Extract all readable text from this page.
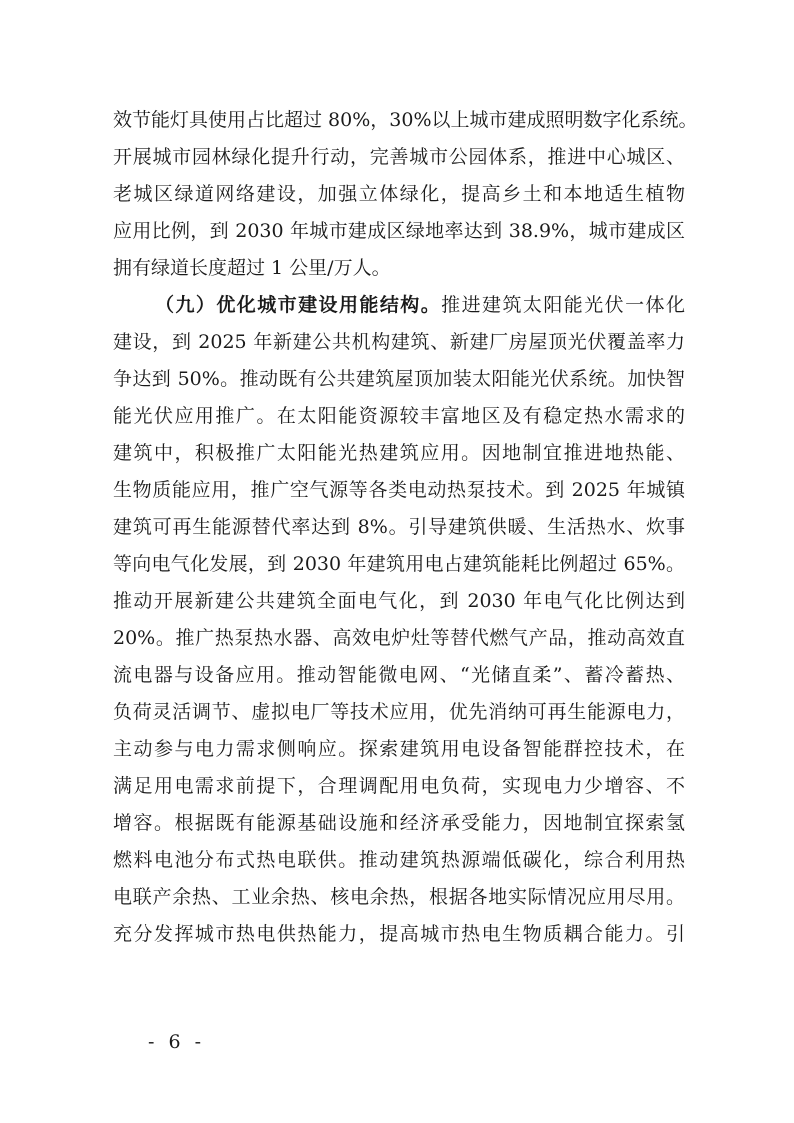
效节能灯具使用占比超过 80%，30%以上城市建成照明数字化系统。
开展城市园林绿化提升行动，完善城市公园体系，推进中心城区、
老城区绿道网络建设，加强立体绿化，提高乡土和本地适生植物
应用比例，到 2030 年城市建成区绿地率达到 38.9%，城市建成区
拥有绿道长度超过 1 公里/万人。
（九）优化城市建设用能结构。推进建筑太阳能光伏一体化
建设，到 2025 年新建公共机构建筑、新建厂房屋顶光伏覆盖率力
争达到 50%。推动既有公共建筑屋顶加装太阳能光伏系统。加快智
能光伏应用推广。在太阳能资源较丰富地区及有稳定热水需求的
建筑中，积极推广太阳能光热建筑应用。因地制宜推进地热能、
生物质能应用，推广空气源等各类电动热泵技术。到 2025 年城镇
建筑可再生能源替代率达到 8%。引导建筑供暖、生活热水、炊事
等向电气化发展，到 2030 年建筑用电占建筑能耗比例超过 65%。
推动开展新建公共建筑全面电气化，到 2030 年电气化比例达到
20%。推广热泵热水器、高效电炉灶等替代燃气产品，推动高效直
流电器与设备应用。推动智能微电网、“光储直柔”、蓄冷蓄热、
负荷灵活调节、虚拟电厂等技术应用，优先消纳可再生能源电力，
主动参与电力需求侧响应。探索建筑用电设备智能群控技术，在
满足用电需求前提下，合理调配用电负荷，实现电力少增容、不
增容。根据既有能源基础设施和经济承受能力，因地制宜探索氢
燃料电池分布式热电联供。推动建筑热源端低碳化，综合利用热
电联产余热、工业余热、核电余热，根据各地实际情况应用尽用。
充分发挥城市热电供热能力，提高城市热电生物质耦合能力。引
- 6 -
